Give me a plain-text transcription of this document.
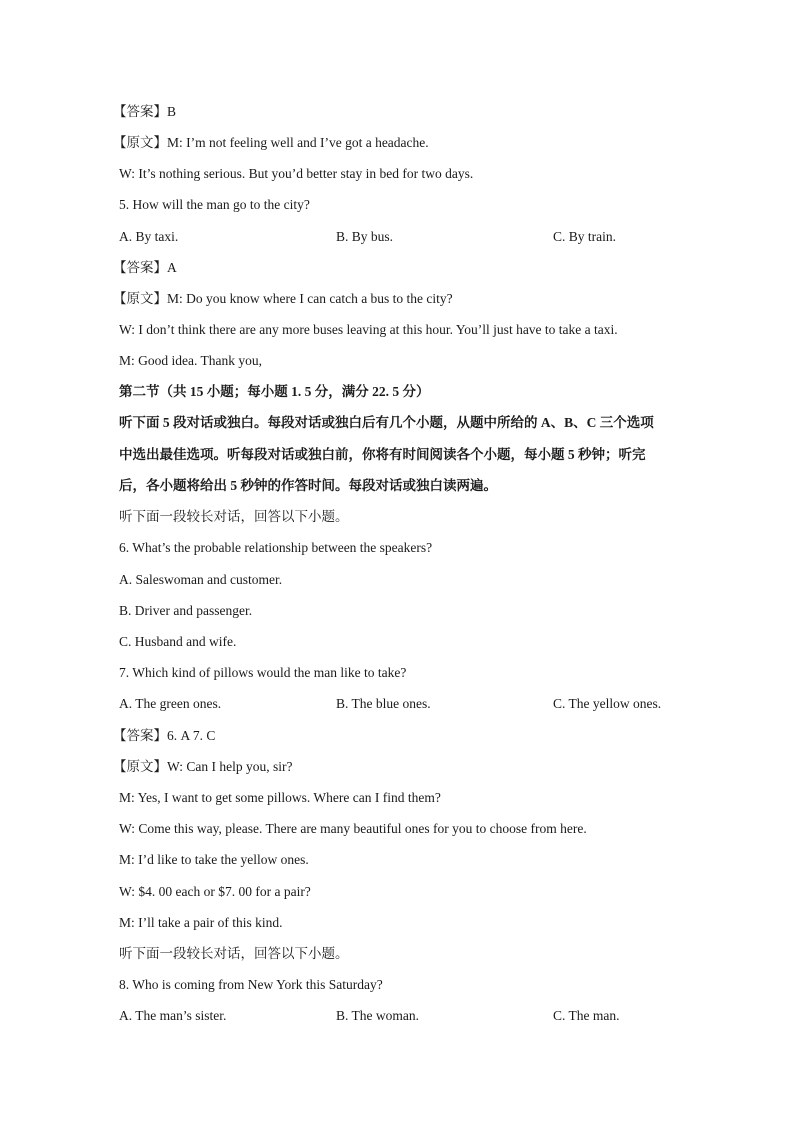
【答案】B
【原文】M: I’m not feeling well and I’ve got a headache.
W: It’s nothing serious. But you’d better stay in bed for two days.
5. How will the man go to the city?
A. By taxi.	B. By bus.	C. By train.
【答案】A
【原文】M: Do you know where I can catch a bus to the city?
W: I don’t think there are any more buses leaving at this hour. You’ll just have to take a taxi.
M: Good idea. Thank you,
第二节（共 15 小题；每小题 1. 5 分，满分 22. 5 分）
听下面 5 段对话或独白。每段对话或独白后有几个小题，从题中所给的 A、B、C 三个选项
中选出最佳选项。听每段对话或独白前，你将有时间阅读各个小题，每小题 5 秒钟；听完
后，各小题将给出 5 秒钟的作答时间。每段对话或独白读两遍。
听下面一段较长对话，回答以下小题。
6. What’s the probable relationship between the speakers?
A. Saleswoman and customer.
B. Driver and passenger.
C. Husband and wife.
7. Which kind of pillows would the man like to take?
A. The green ones.	B. The blue ones.	C. The yellow ones.
【答案】6. A 7. C
【原文】W: Can I help you, sir?
M: Yes, I want to get some pillows. Where can I find them?
W: Come this way, please. There are many beautiful ones for you to choose from here.
M: I’d like to take the yellow ones.
W: $4. 00 each or $7. 00 for a pair?
M: I’ll take a pair of this kind.
听下面一段较长对话，回答以下小题。
8. Who is coming from New York this Saturday?
A. The man’s sister.	B. The woman.	C. The man.
